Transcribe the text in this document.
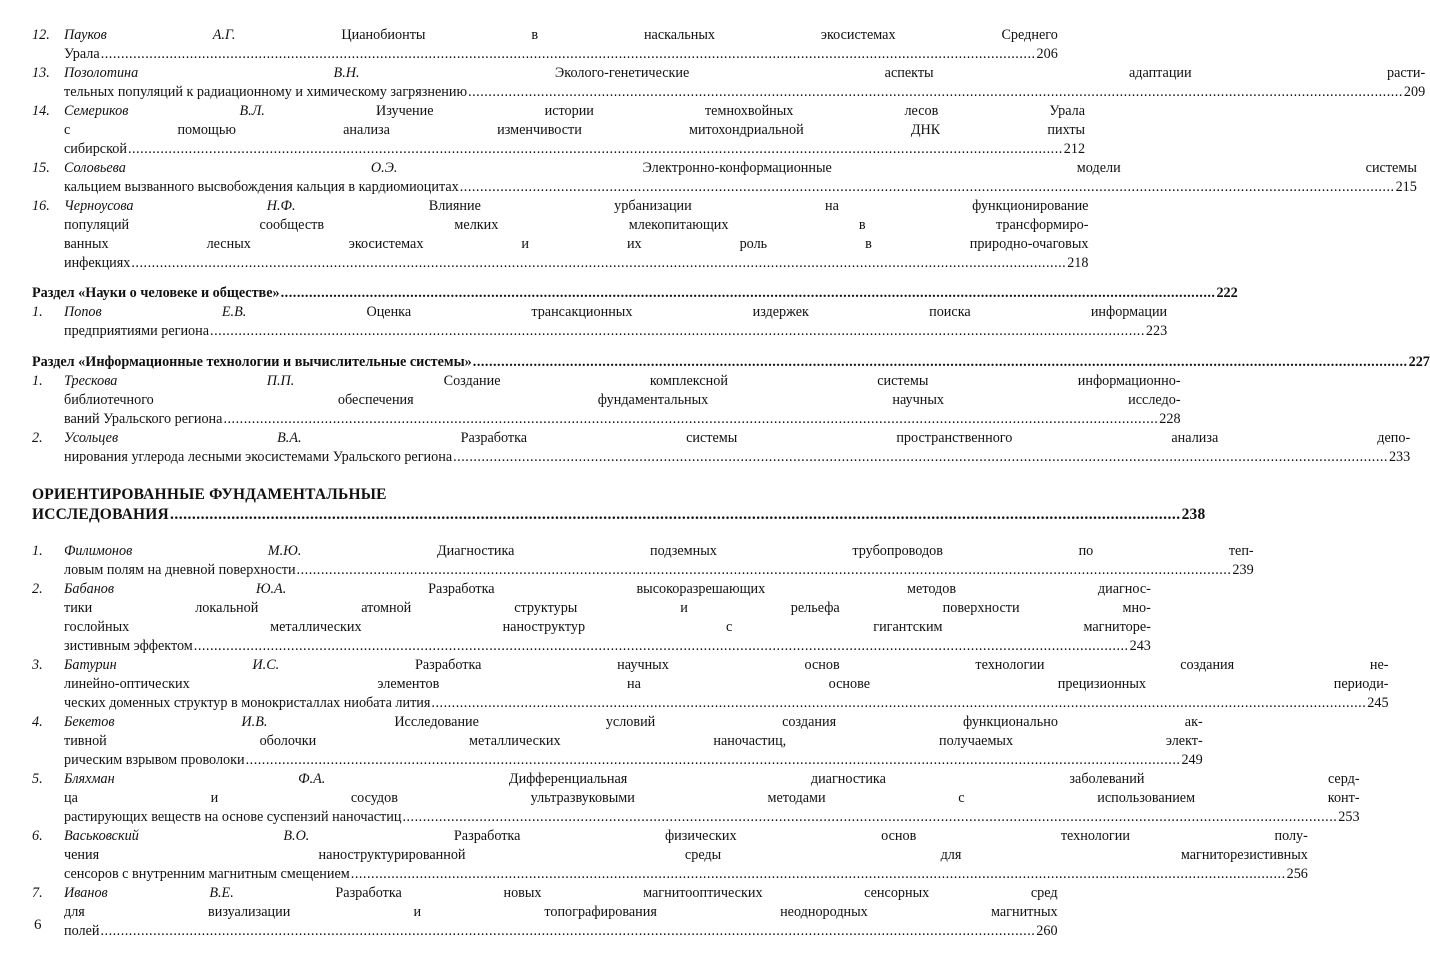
12.	Пауков А.Г.	Цианобионты в наскальных экосистемах Среднего
Урала .....	206
13.	Позолотина В.Н.	Эколого-генетические аспекты адаптации расти-
тельных популяций к радиационному и химическому загрязнению .....	209
14.	Семериков В.Л.	Изучение истории темнохвойных лесов Урала
с помощью анализа изменчивости митохондриальной ДНК пихты
сибирской .....	212
15.	Соловьева О.Э.	Электронно-конформационные модели системы
кальцием вызванного высвобождения кальция в кардиомиоцитах .....	215
16.	Черноусова Н.Ф.	Влияние урбанизации на функционирование
популяций сообществ мелких млекопитающих в трансформиро-
ванных лесных экосистемах и их роль в природно-очаговых
инфекциях .....	218
Раздел «Науки о человеке и обществе» .....	222
1.	Попов Е.В.	Оценка трансакционных издержек поиска информации
предприятиями региона .....	223
Раздел «Информационные технологии и вычислительные системы» .....	227
1.	Трескова П.П.	Создание комплексной системы информационно-
библиотечного обеспечения фундаментальных научных исследо-
ваний Уральского региона .....	228
2.	Усольцев В.А.	Разработка системы пространственного анализа депо-
нирования углерода лесными экосистемами Уральского региона .....	233
ОРИЕНТИРОВАННЫЕ ФУНДАМЕНТАЛЬНЫЕ
ИССЛЕДОВАНИЯ .....	238
1.	Филимонов М.Ю.	Диагностика подземных трубопроводов по теп-
ловым полям на дневной поверхности .....	239
2.	Бабанов Ю.А.	Разработка высокоразрешающих методов диагнос-
тики локальной атомной структуры и рельефа поверхности мно-
гослойных металлических наноструктур с гигантским магниторе-
зистивным эффектом .....	243
3.	Батурин И.С.	Разработка научных основ технологии создания не-
линейно-оптических элементов на основе прецизионных периоди-
ческих доменных структур в монокристаллах ниобата лития .....	245
4.	Бекетов И.В.	Исследование условий создания функционально ак-
тивной оболочки металлических наночастиц, получаемых элект-
рическим взрывом проволоки .....	249
5.	Бляхман Ф.А.	Дифференциальная диагностика заболеваний серд-
ца и сосудов ультразвуковыми методами с использованием конт-
растирующих веществ на основе суспензий наночастиц .....	253
6.	Васьковский В.О.	Разработка физических основ технологии полу-
чения наноструктурированной среды для магниторезистивных
сенсоров с внутренним магнитным смещением .....	256
7.	Иванов В.Е.	Разработка новых магнитооптических сенсорных сред
для визуализации и топографирования неоднородных магнитных
полей .....	260
6
